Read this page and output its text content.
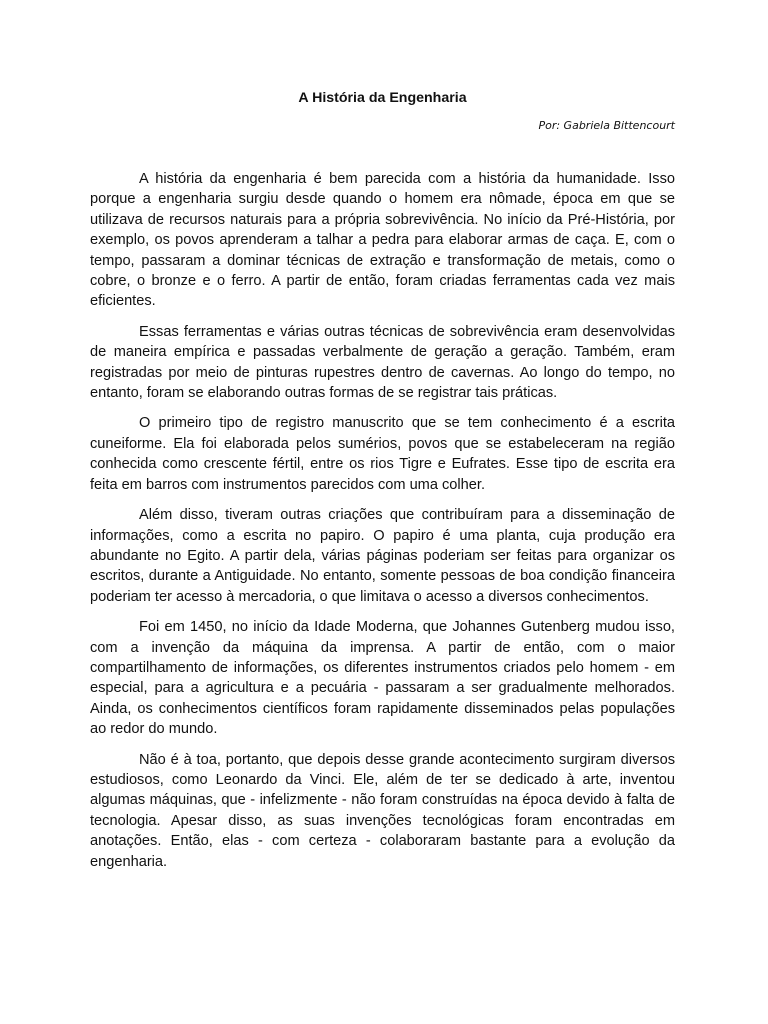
A História da Engenharia
Por: Gabriela Bittencourt

A história da engenharia é bem parecida com a história da humanidade. Isso porque a engenharia surgiu desde quando o homem era nômade, época em que se utilizava de recursos naturais para a própria sobrevivência. No início da Pré-História, por exemplo, os povos aprenderam a talhar a pedra para elaborar armas de caça. E, com o tempo, passaram a dominar técnicas de extração e transformação de metais, como o cobre, o bronze e o ferro. A partir de então, foram criadas ferramentas cada vez mais eficientes.

Essas ferramentas e várias outras técnicas de sobrevivência eram desenvolvidas de maneira empírica e passadas verbalmente de geração a geração. Também, eram registradas por meio de pinturas rupestres dentro de cavernas. Ao longo do tempo, no entanto, foram se elaborando outras formas de se registrar tais práticas.

O primeiro tipo de registro manuscrito que se tem conhecimento é a escrita cuneiforme. Ela foi elaborada pelos sumérios, povos que se estabeleceram na região conhecida como crescente fértil, entre os rios Tigre e Eufrates. Esse tipo de escrita era feita em barros com instrumentos parecidos com uma colher.

Além disso, tiveram outras criações que contribuíram para a disseminação de informações, como a escrita no papiro. O papiro é uma planta, cuja produção era abundante no Egito. A partir dela, várias páginas poderiam ser feitas para organizar os escritos, durante a Antiguidade. No entanto, somente pessoas de boa condição financeira poderiam ter acesso à mercadoria, o que limitava o acesso a diversos conhecimentos.

Foi em 1450, no início da Idade Moderna, que Johannes Gutenberg mudou isso, com a invenção da máquina da imprensa. A partir de então, com o maior compartilhamento de informações, os diferentes instrumentos criados pelo homem - em especial, para a agricultura e a pecuária - passaram a ser gradualmente melhorados. Ainda, os conhecimentos científicos foram rapidamente disseminados pelas populações ao redor do mundo.

Não é à toa, portanto, que depois desse grande acontecimento surgiram diversos estudiosos, como Leonardo da Vinci. Ele, além de ter se dedicado à arte, inventou algumas máquinas, que - infelizmente - não foram construídas na época devido à falta de tecnologia. Apesar disso, as suas invenções tecnológicas foram encontradas em anotações. Então, elas - com certeza - colaboraram bastante para a evolução da engenharia.
